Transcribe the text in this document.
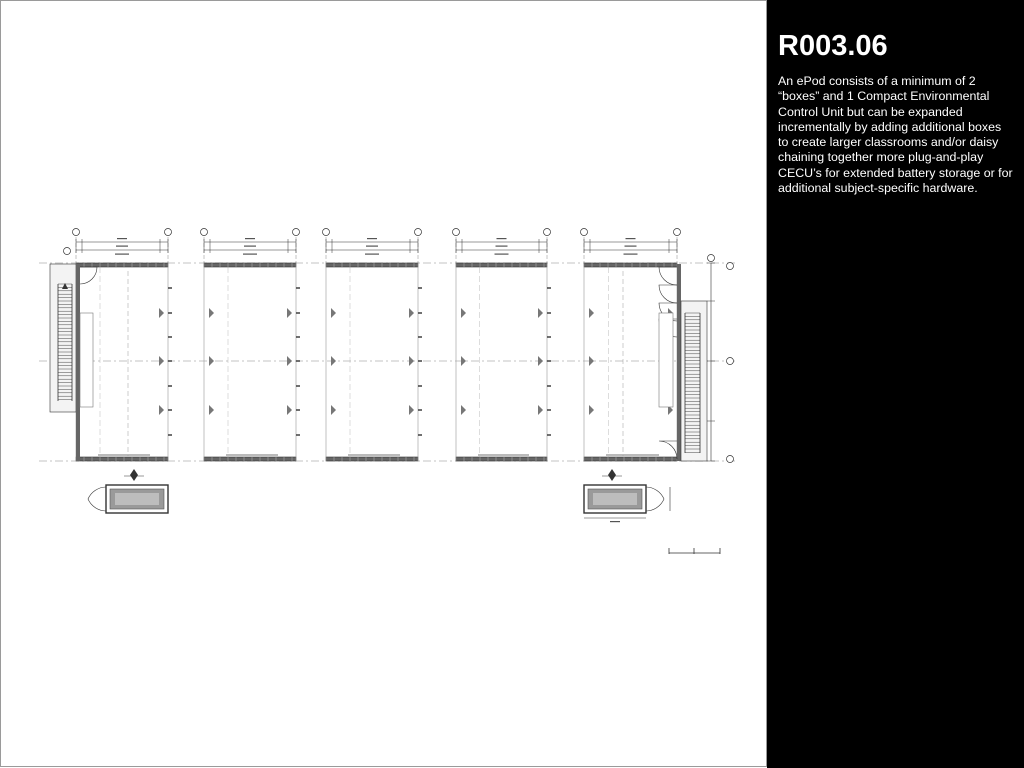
R003.06

An ePod consists of a minimum of 2 “boxes” and 1 Compact Environmental Control Unit but can be expanded incrementally by adding additional boxes to create larger classrooms and/or daisy chaining together more plug-and-play CECU’s for extended battery storage or for additional subject-specific hardware.
